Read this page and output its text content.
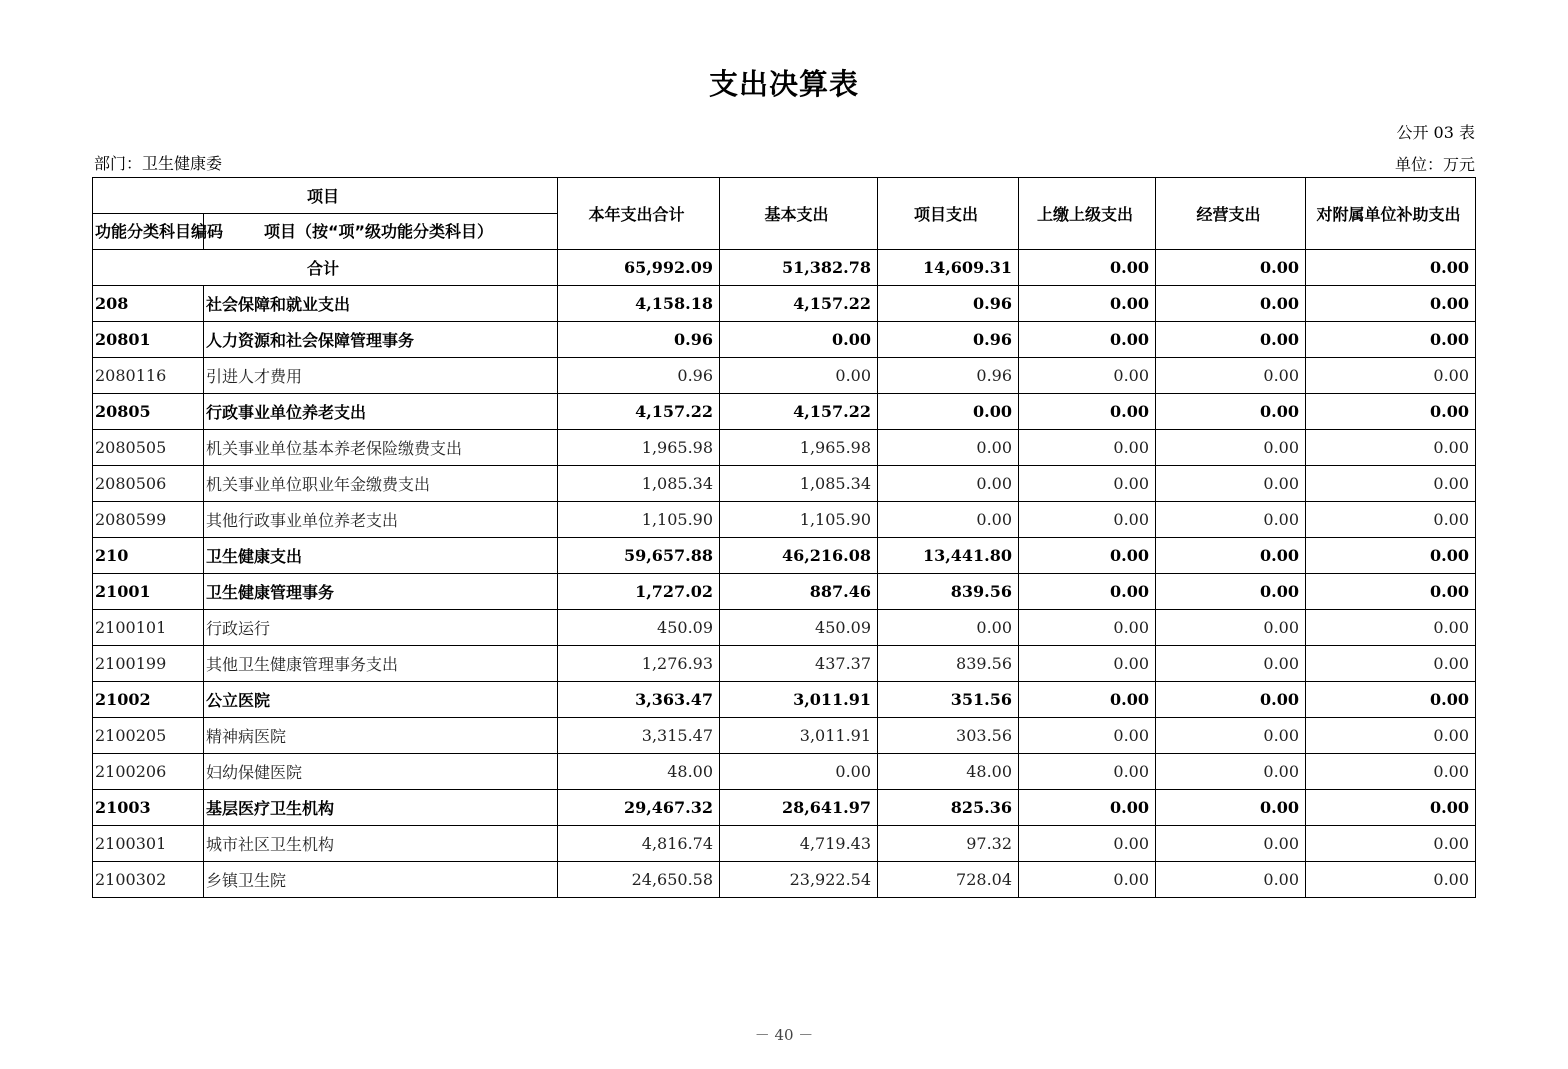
支出决算表
公开 03 表
部门：卫生健康委	单位：万元
项目		本年支出合计	基本支出	项目支出	上缴上级支出	经营支出	对附属单位补助支出
功能分类科目编码	项目（按“项”级功能分类科目）						
合计		65,992.09	51,382.78	14,609.31	0.00	0.00	0.00
208	社会保障和就业支出	4,158.18	4,157.22	0.96	0.00	0.00	0.00
20801	人力资源和社会保障管理事务	0.96	0.00	0.96	0.00	0.00	0.00
2080116	引进人才费用	0.96	0.00	0.96	0.00	0.00	0.00
20805	行政事业单位养老支出	4,157.22	4,157.22	0.00	0.00	0.00	0.00
2080505	机关事业单位基本养老保险缴费支出	1,965.98	1,965.98	0.00	0.00	0.00	0.00
2080506	机关事业单位职业年金缴费支出	1,085.34	1,085.34	0.00	0.00	0.00	0.00
2080599	其他行政事业单位养老支出	1,105.90	1,105.90	0.00	0.00	0.00	0.00
210	卫生健康支出	59,657.88	46,216.08	13,441.80	0.00	0.00	0.00
21001	卫生健康管理事务	1,727.02	887.46	839.56	0.00	0.00	0.00
2100101	行政运行	450.09	450.09	0.00	0.00	0.00	0.00
2100199	其他卫生健康管理事务支出	1,276.93	437.37	839.56	0.00	0.00	0.00
21002	公立医院	3,363.47	3,011.91	351.56	0.00	0.00	0.00
2100205	精神病医院	3,315.47	3,011.91	303.56	0.00	0.00	0.00
2100206	妇幼保健医院	48.00	0.00	48.00	0.00	0.00	0.00
21003	基层医疗卫生机构	29,467.32	28,641.97	825.36	0.00	0.00	0.00
2100301	城市社区卫生机构	4,816.74	4,719.43	97.32	0.00	0.00	0.00
2100302	乡镇卫生院	24,650.58	23,922.54	728.04	0.00	0.00	0.00
－ 40 －
